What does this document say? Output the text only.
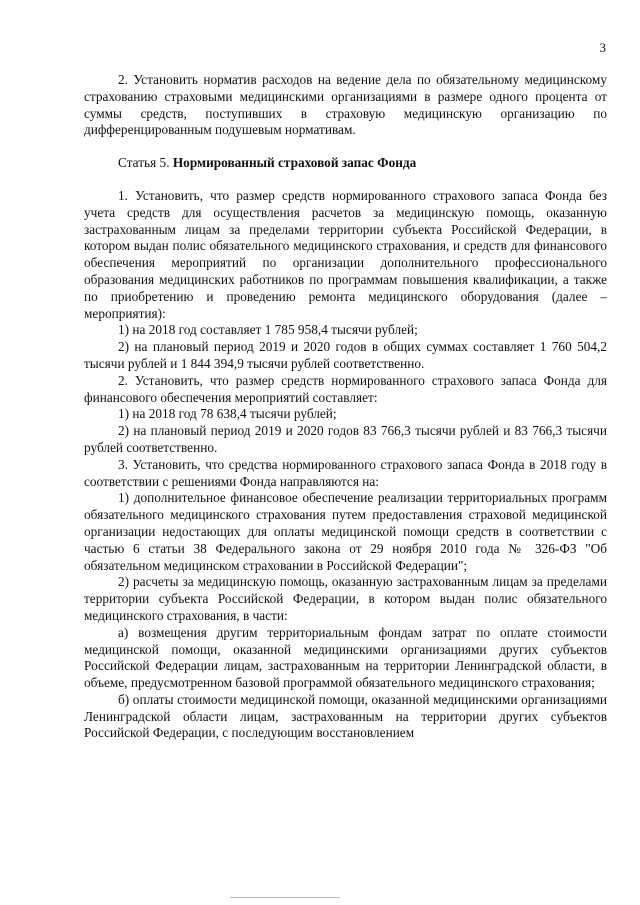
3

2. Установить норматив расходов на ведение дела по обязательному медицинскому страхованию страховыми медицинскими организациями в размере одного процента от суммы средств, поступивших в страховую медицинскую организацию по дифференцированным подушевым нормативам.

Статья 5. Нормированный страховой запас Фонда

1. Установить, что размер средств нормированного страхового запаса Фонда без учета средств для осуществления расчетов за медицинскую помощь, оказанную застрахованным лицам за пределами территории субъекта Российской Федерации, в котором выдан полис обязательного медицинского страхования, и средств для финансового обеспечения мероприятий по организации дополнительного профессионального образования медицинских работников по программам повышения квалификации, а также по приобретению и проведению ремонта медицинского оборудования (далее – мероприятия):

1) на 2018 год составляет 1 785 958,4 тысячи рублей;

2) на плановый период 2019 и 2020 годов в общих суммах составляет 1 760 504,2 тысячи рублей и 1 844 394,9 тысячи рублей соответственно.

2. Установить, что размер средств нормированного страхового запаса Фонда для финансового обеспечения мероприятий составляет:

1) на 2018 год 78 638,4 тысячи рублей;

2) на плановый период 2019 и 2020 годов 83 766,3 тысячи рублей и 83 766,3 тысячи рублей соответственно.

3. Установить, что средства нормированного страхового запаса Фонда в 2018 году в соответствии с решениями Фонда направляются на:

1) дополнительное финансовое обеспечение реализации территориальных программ обязательного медицинского страхования путем предоставления страховой медицинской организации недостающих для оплаты медицинской помощи средств в соответствии с частью 6 статьи 38 Федерального закона от 29 ноября 2010 года № 326-ФЗ "Об обязательном медицинском страховании в Российской Федерации";

2) расчеты за медицинскую помощь, оказанную застрахованным лицам за пределами территории субъекта Российской Федерации, в котором выдан полис обязательного медицинского страхования, в части:

а) возмещения другим территориальным фондам затрат по оплате стоимости медицинской помощи, оказанной медицинскими организациями других субъектов Российской Федерации лицам, застрахованным на территории Ленинградской области, в объеме, предусмотренном базовой программой обязательного медицинского страхования;

б) оплаты стоимости медицинской помощи, оказанной медицинскими организациями Ленинградской области лицам, застрахованным на территории других субъектов Российской Федерации, с последующим восстановлением
